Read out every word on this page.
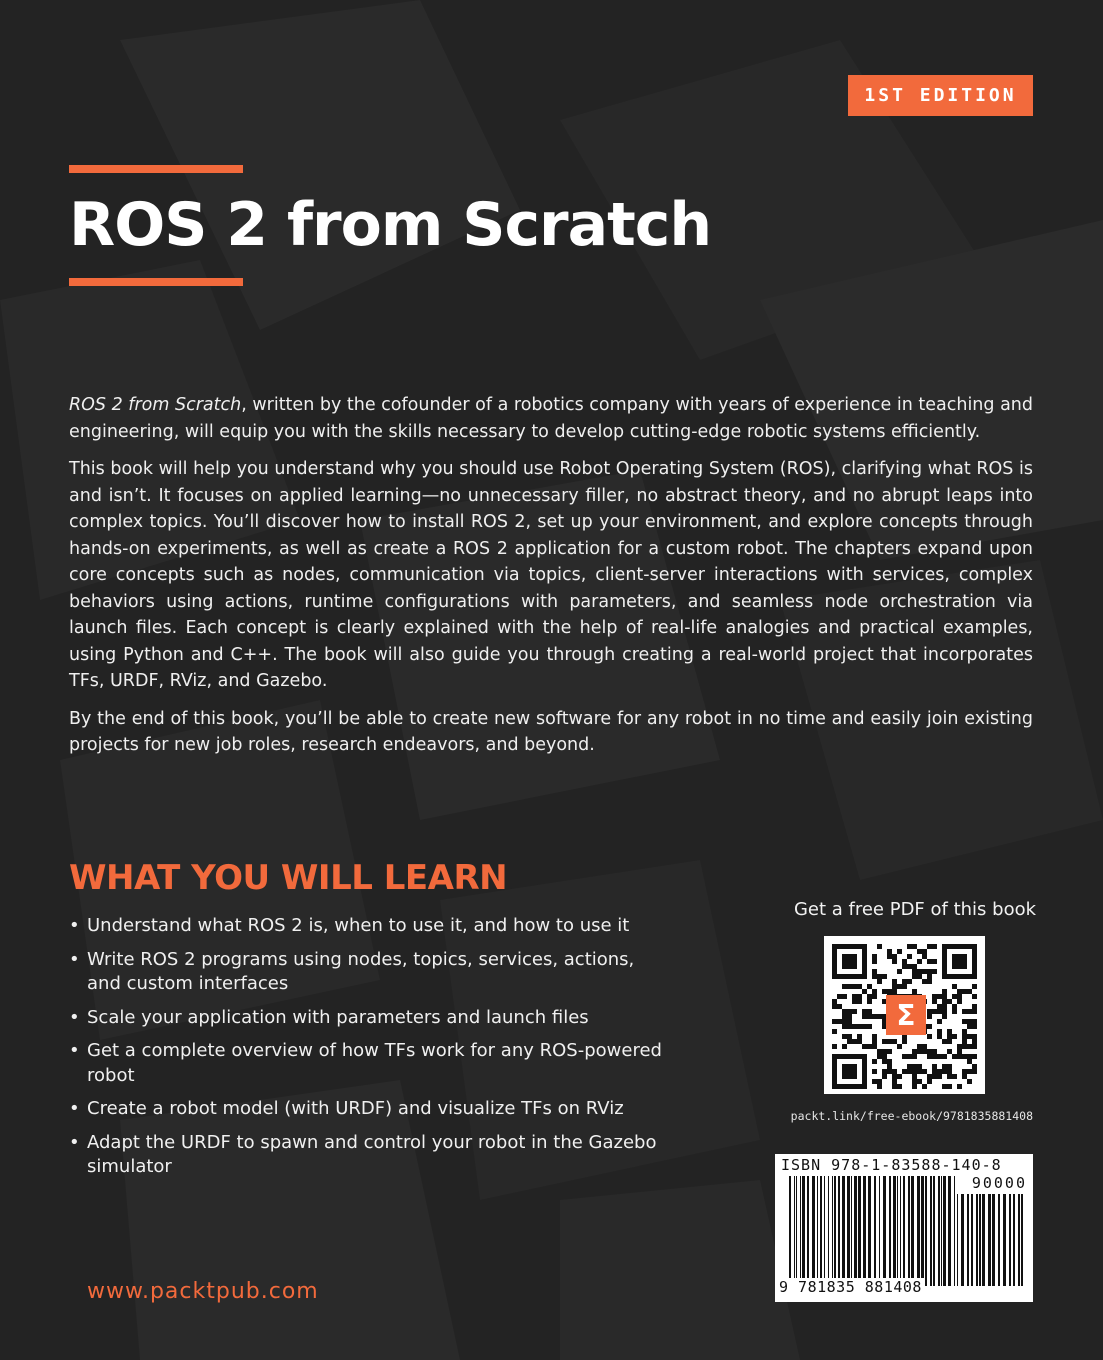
1ST EDITION
ROS 2 from Scratch

ROS 2 from Scratch, written by the cofounder of a robotics company with years of experience in teaching and engineering, will equip you with the skills necessary to develop cutting-edge robotic systems efficiently.

This book will help you understand why you should use Robot Operating System (ROS), clarifying what ROS is and isn’t. It focuses on applied learning—no unnecessary filler, no abstract theory, and no abrupt leaps into complex topics. You’ll discover how to install ROS 2, set up your environment, and explore concepts through hands-on experiments, as well as create a ROS 2 application for a custom robot. The chapters expand upon core concepts such as nodes, communication via topics, client-server interactions with services, complex behaviors using actions, runtime configurations with parameters, and seamless node orchestration via launch files. Each concept is clearly explained with the help of real-life analogies and practical examples, using Python and C++. The book will also guide you through creating a real-world project that incorporates TFs, URDF, RViz, and Gazebo.

By the end of this book, you’ll be able to create new software for any robot in no time and easily join existing projects for new job roles, research endeavors, and beyond.

WHAT YOU WILL LEARN
• Understand what ROS 2 is, when to use it, and how to use it
• Write ROS 2 programs using nodes, topics, services, actions, and custom interfaces
• Scale your application with parameters and launch files
• Get a complete overview of how TFs work for any ROS-powered robot
• Create a robot model (with URDF) and visualize TFs on RViz
• Adapt the URDF to spawn and control your robot in the Gazebo simulator
www.packtpub.com
Get a free PDF of this book
Σ
packt.link/free-ebook/9781835881408
ISBN 978-1-83588-140-8
90000
9 781835 881408
